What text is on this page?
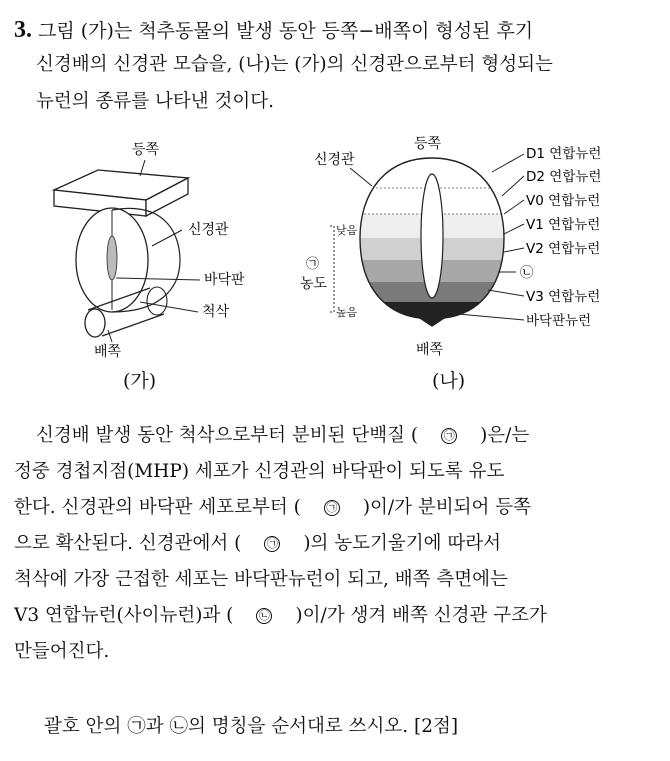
3. 그림 (가)는 척추동물의 발생 동안 등쪽−배쪽이 형성된 후기
신경배의 신경관 모습을, (나)는 (가)의 신경관으로부터 형성되는
뉴런의 종류를 나타낸 것이다.
등쪽
신경관
바닥판
척삭
배쪽
(가)
신경관
등쪽
배쪽
㉠
농도
낮음
높음
D1 연합뉴런
D2 연합뉴런
V0 연합뉴런
V1 연합뉴런
V2 연합뉴런
㉡
V3 연합뉴런
바닥판뉴런
(나)
신경배 발생 동안 척삭으로부터 분비된 단백질 ( ㉠ )은/는
정중 경첩지점(MHP) 세포가 신경관의 바닥판이 되도록 유도
한다. 신경관의 바닥판 세포로부터 ( ㉠ )이/가 분비되어 등쪽
으로 확산된다. 신경관에서 ( ㉠ )의 농도기울기에 따라서
척삭에 가장 근접한 세포는 바닥판뉴런이 되고, 배쪽 측면에는
V3 연합뉴런(사이뉴런)과 ( ㉡ )이/가 생겨 배쪽 신경관 구조가
만들어진다.
괄호 안의 ㉠과 ㉡의 명칭을 순서대로 쓰시오. [2점]
